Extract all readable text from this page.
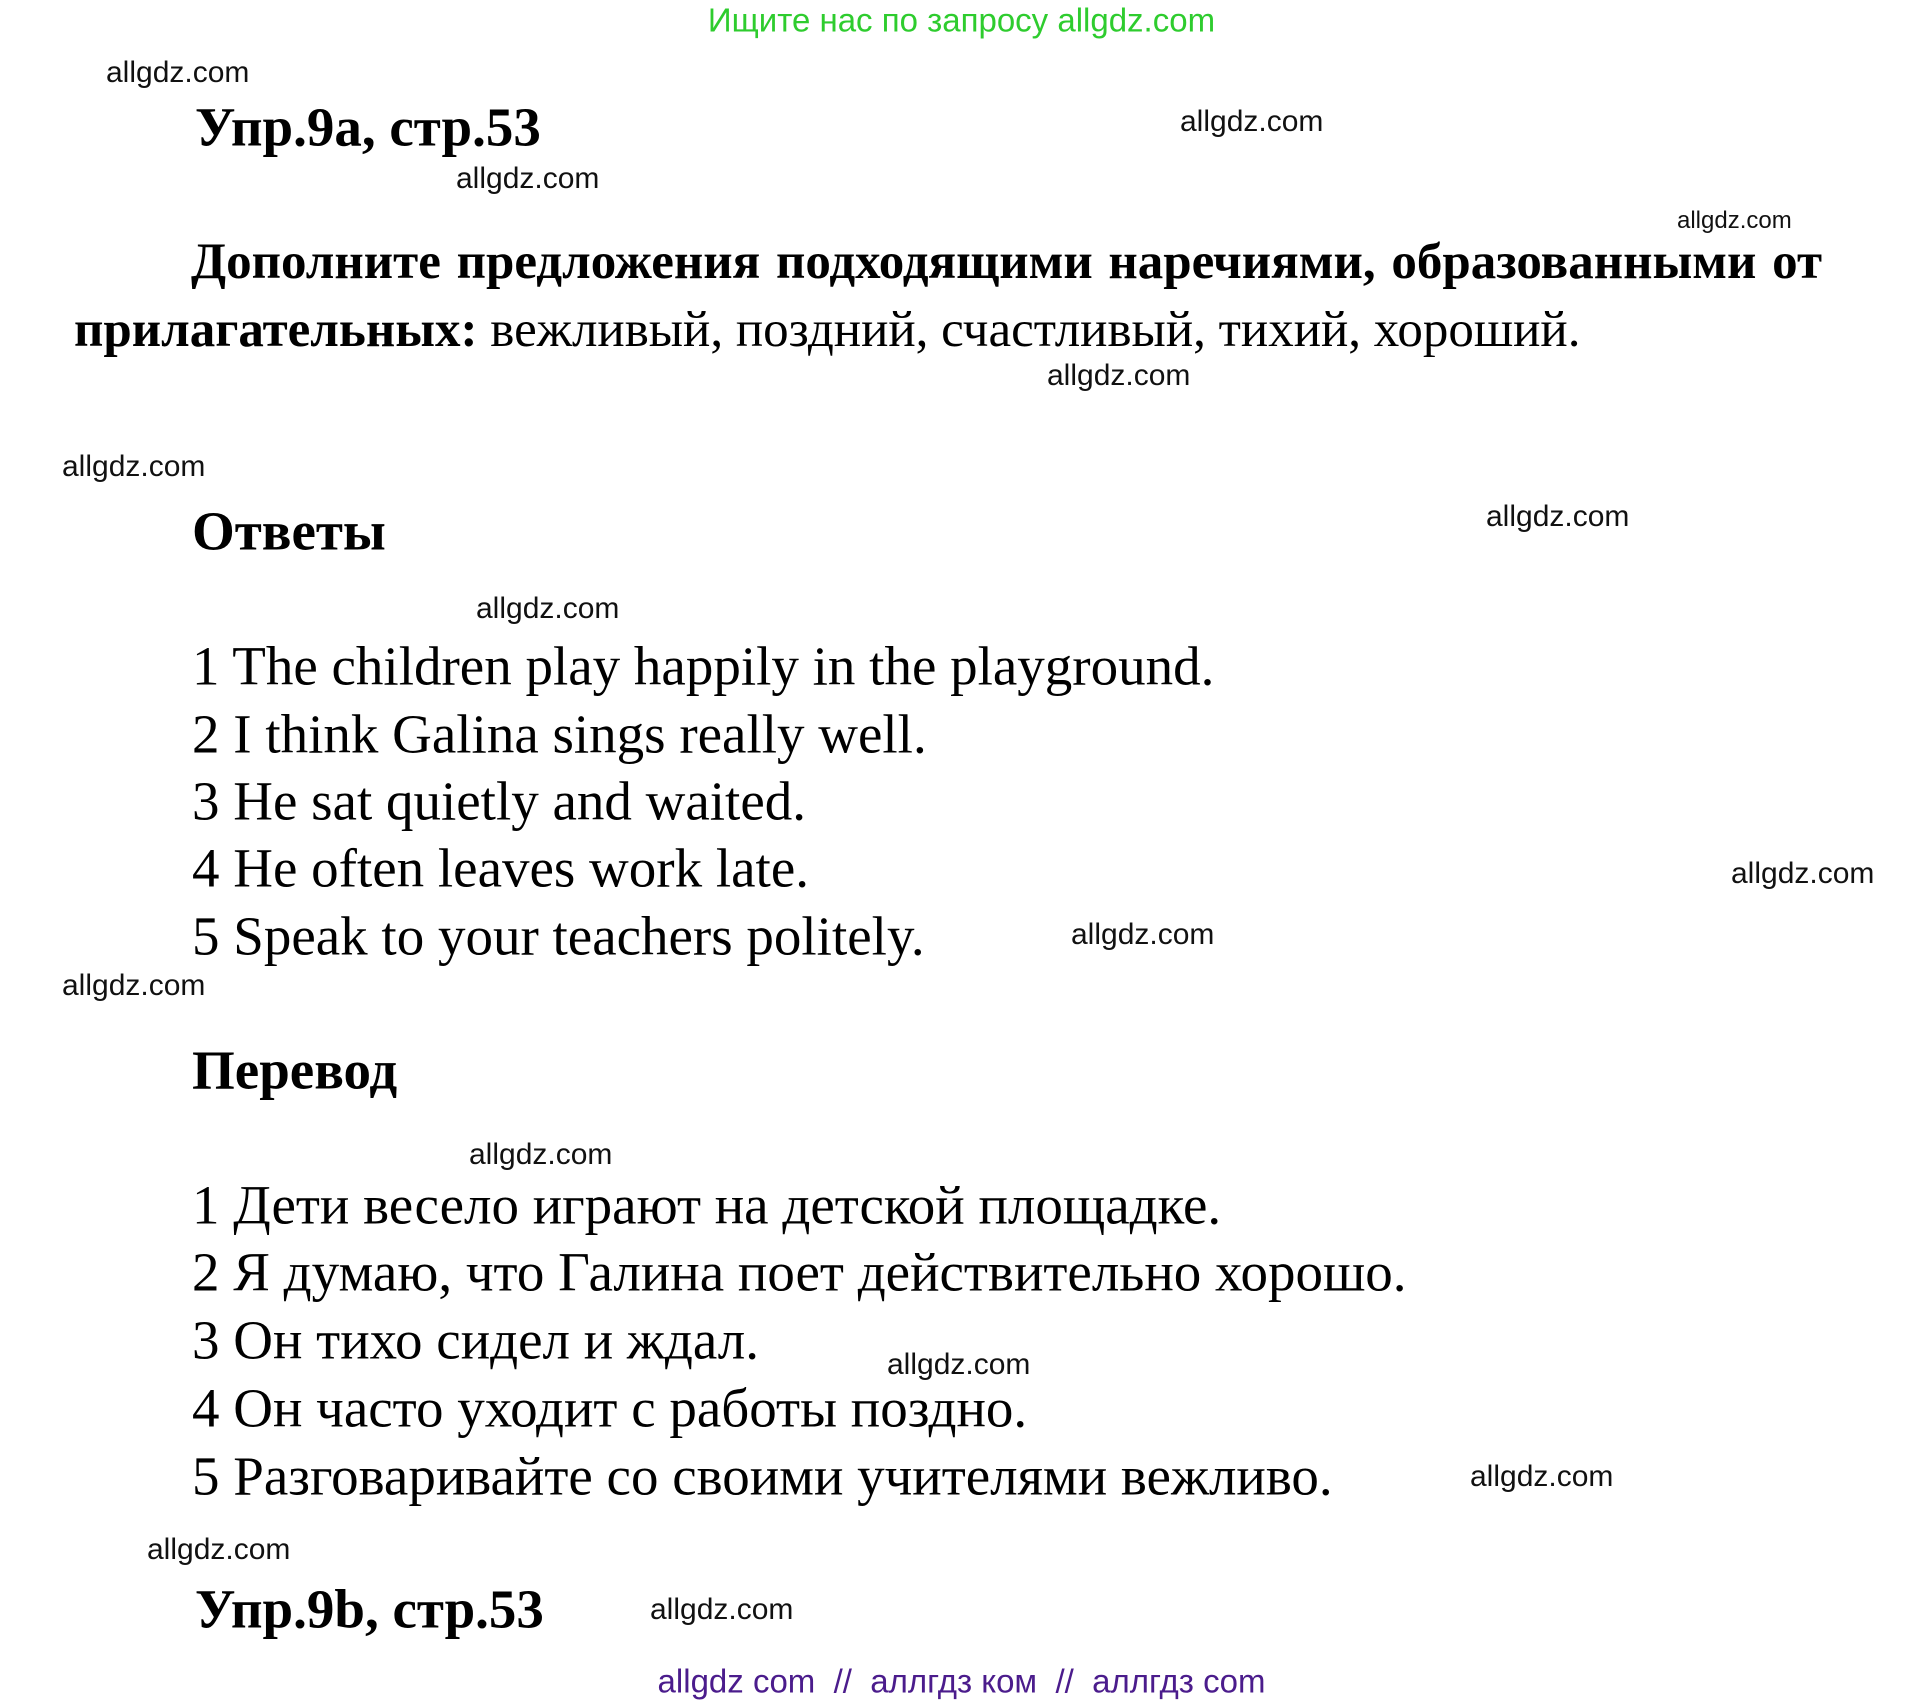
Ищите нас по запросу allgdz.com
allgdz.com
Упр.9a, стр.53	allgdz.com
allgdz.com
allgdz.com
Дополните предложения подходящими наречиями, образованными от прилагательных: вежливый, поздний, счастливый, тихий, хороший.
allgdz.com
allgdz.com
Ответы	allgdz.com
allgdz.com
1 The children play happily in the playground.
2 I think Galina sings really well.
3 He sat quietly and waited.
4 He often leaves work late.
5 Speak to your teachers politely.
allgdz.com
allgdz.com
allgdz.com
Перевод
allgdz.com
1 Дети весело играют на детской площадке.
2 Я думаю, что Галина поет действительно хорошо.
3 Он тихо сидел и ждал.
4 Он часто уходит с работы поздно.
5 Разговаривайте со своими учителями вежливо.
allgdz.com
allgdz.com
allgdz.com
Упр.9b, стр.53	allgdz.com
allgdz com  //  аллгдз ком  //  аллгдз com
